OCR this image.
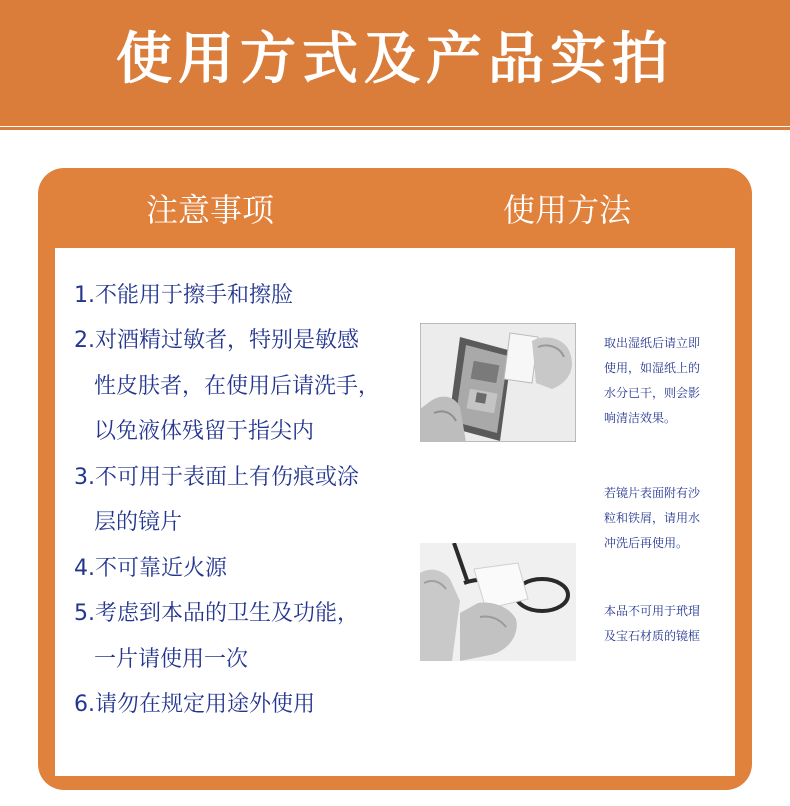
使用方式及产品实拍
注意事项	使用方法
1.不能用于擦手和擦脸
2.对酒精过敏者，特别是敏感
性皮肤者，在使用后请洗手，
以免液体残留于指尖内
3.不可用于表面上有伤痕或涂
层的镜片
4.不可靠近火源
5.考虑到本品的卫生及功能，
一片请使用一次
6.请勿在规定用途外使用
取出湿纸后请立即
使用，如湿纸上的
水分已干，则会影
响清洁效果。
若镜片表面附有沙
粒和铁屑，请用水
冲洗后再使用。
本品不可用于玳瑁
及宝石材质的镜框
